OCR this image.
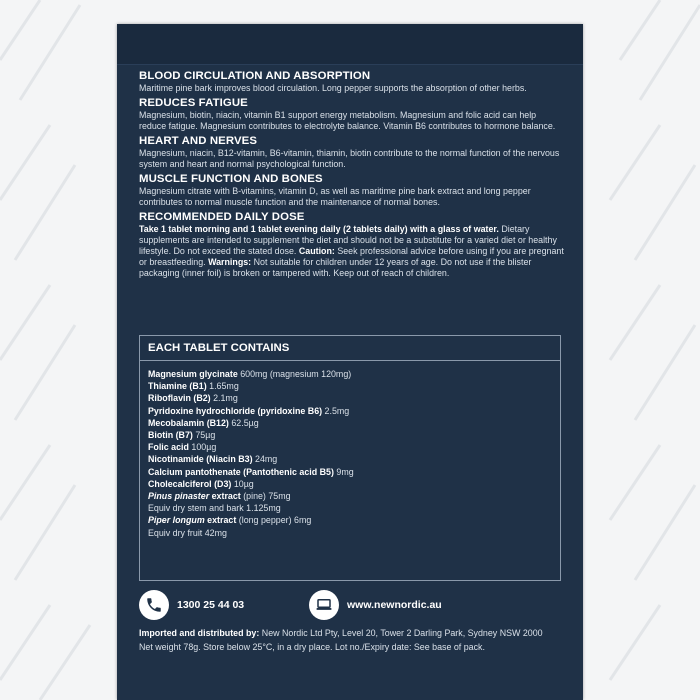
BLOOD CIRCULATION AND ABSORPTION

Maritime pine bark improves blood circulation. Long pepper supports the absorption of other herbs.

REDUCES FATIGUE

Magnesium, biotin, niacin, vitamin B1 support energy metabolism. Magnesium and folic acid can help reduce fatigue. Magnesium contributes to electrolyte balance. Vitamin B6 contributes to hormone balance.

HEART AND NERVES

Magnesium, niacin, B12-vitamin, B6-vitamin, thiamin, biotin contribute to the normal function of the nervous system and heart and normal psychological function.

MUSCLE FUNCTION AND BONES

Magnesium citrate with B-vitamins, vitamin D, as well as maritime pine bark extract and long pepper contributes to normal muscle function and the maintenance of normal bones.

RECOMMENDED DAILY DOSE

Take 1 tablet morning and 1 tablet evening daily (2 tablets daily) with a glass of water. Dietary supplements are intended to supplement the diet and should not be a substitute for a varied diet or healthy lifestyle. Do not exceed the stated dose. Caution: Seek professional advice before using if you are pregnant or breastfeeding. Warnings: Not suitable for children under 12 years of age. Do not use if the blister packaging (inner foil) is broken or tampered with. Keep out of reach of children.

EACH TABLET CONTAINS
Magnesium glycinate 600mg (magnesium 120mg)
Thiamine (B1) 1.65mg
Riboflavin (B2) 2.1mg
Pyridoxine hydrochloride (pyridoxine B6) 2.5mg
Mecobalamin (B12) 62.5µg
Biotin (B7) 75µg
Folic acid 100µg
Nicotinamide (Niacin B3) 24mg
Calcium pantothenate (Pantothenic acid B5) 9mg
Cholecalciferol (D3) 10µg
Pinus pinaster extract (pine) 75mg
Equiv dry stem and bark 1.125mg
Piper longum extract (long pepper) 6mg
Equiv dry fruit 42mg
1300 25 44 03	www.newnordic.au

Imported and distributed by: New Nordic Ltd Pty, Level 20, Tower 2 Darling Park, Sydney NSW 2000

Net weight 78g. Store below 25°C, in a dry place. Lot no./Expiry date: See base of pack.
